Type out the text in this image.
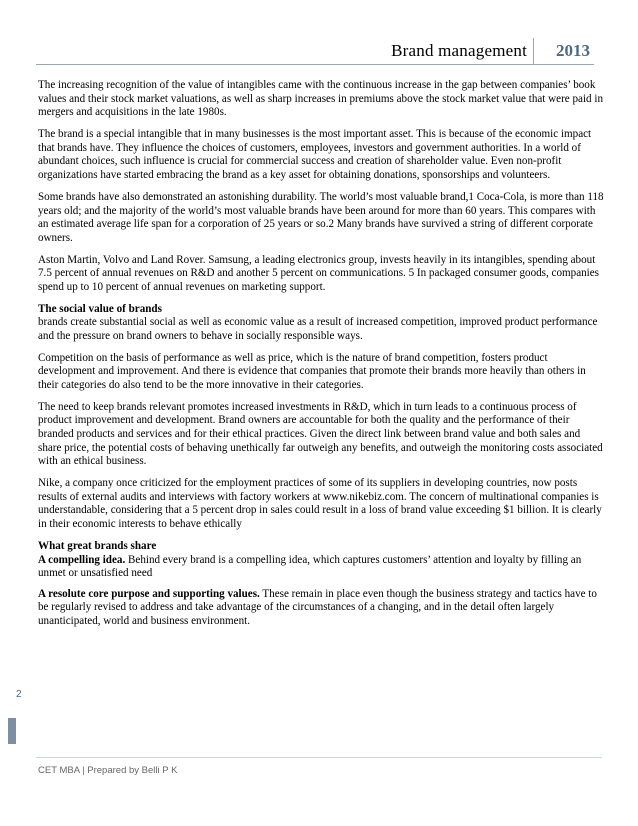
Brand management 2013

The increasing recognition of the value of intangibles came with the continuous increase in the gap between companies’ book values and their stock market valuations, as well as sharp increases in premiums above the stock market value that were paid in mergers and acquisitions in the late 1980s.

The brand is a special intangible that in many businesses is the most important asset. This is because of the economic impact that brands have. They influence the choices of customers, employees, investors and government authorities. In a world of abundant choices, such influence is crucial for commercial success and creation of shareholder value. Even non-profit organizations have started embracing the brand as a key asset for obtaining donations, sponsorships and volunteers.

Some brands have also demonstrated an astonishing durability. The world’s most valuable brand,1 Coca-Cola, is more than 118 years old; and the majority of the world’s most valuable brands have been around for more than 60 years. This compares with an estimated average life span for a corporation of 25 years or so.2 Many brands have survived a string of different corporate owners.

Aston Martin, Volvo and Land Rover. Samsung, a leading electronics group, invests heavily in its intangibles, spending about 7.5 percent of annual revenues on R&D and another 5 percent on communications. 5 In packaged consumer goods, companies spend up to 10 percent of annual revenues on marketing support.

The social value of brands
brands create substantial social as well as economic value as a result of increased competition, improved product performance and the pressure on brand owners to behave in socially responsible ways.

Competition on the basis of performance as well as price, which is the nature of brand competition, fosters product development and improvement. And there is evidence that companies that promote their brands more heavily than others in their categories do also tend to be the more innovative in their categories.

The need to keep brands relevant promotes increased investments in R&D, which in turn leads to a continuous process of product improvement and development. Brand owners are accountable for both the quality and the performance of their branded products and services and for their ethical practices. Given the direct link between brand value and both sales and share price, the potential costs of behaving unethically far outweigh any benefits, and outweigh the monitoring costs associated with an ethical business.

Nike, a company once criticized for the employment practices of some of its suppliers in developing countries, now posts results of external audits and interviews with factory workers at www.nikebiz.com. The concern of multinational companies is understandable, considering that a 5 percent drop in sales could result in a loss of brand value exceeding $1 billion. It is clearly in their economic interests to behave ethically

What great brands share
A compelling idea. Behind every brand is a compelling idea, which captures customers’ attention and loyalty by filling an unmet or unsatisfied need

A resolute core purpose and supporting values. These remain in place even though the business strategy and tactics have to be regularly revised to address and take advantage of the circumstances of a changing, and in the detail often largely unanticipated, world and business environment.

2
CET MBA | Prepared by Belli P K
